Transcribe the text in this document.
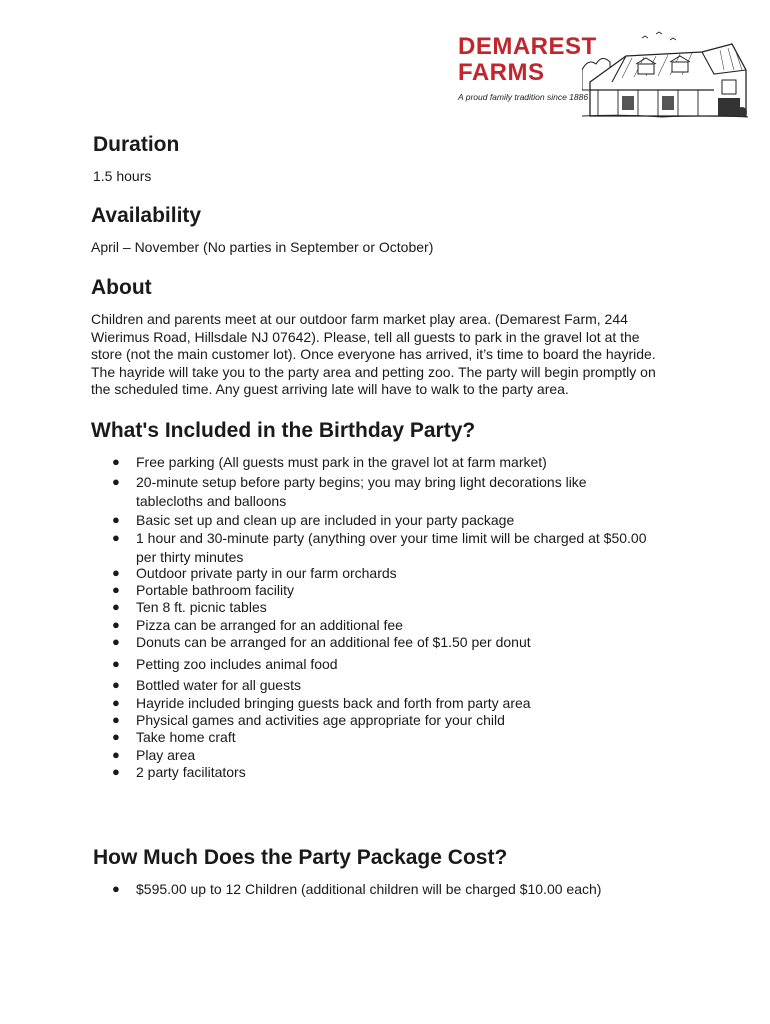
DEMAREST
FARMS
A proud family tradition since 1886
Duration

1.5 hours

Availability

April – November (No parties in September or October)

About

Children and parents meet at our outdoor farm market play area. (Demarest Farm, 244

Wierimus Road, Hillsdale NJ 07642). Please, tell all guests to park in the gravel lot at the

store (not the main customer lot). Once everyone has arrived, it’s time to board the hayride.

The hayride will take you to the party area and petting zoo. The party will begin promptly on

the scheduled time. Any guest arriving late will have to walk to the party area.

What's Included in the Birthday Party?
● Free parking (All guests must park in the gravel lot at farm market)
● 20-minute setup before party begins; you may bring light decorations like
tablecloths and balloons
● Basic set up and clean up are included in your party package
● 1 hour and 30-minute party (anything over your time limit will be charged at $50.00
per thirty minutes
● Outdoor private party in our farm orchards
● Portable bathroom facility
● Ten 8 ft. picnic tables
● Pizza can be arranged for an additional fee
● Donuts can be arranged for an additional fee of $1.50 per donut
● Petting zoo includes animal food
● Bottled water for all guests
● Hayride included bringing guests back and forth from party area
● Physical games and activities age appropriate for your child
● Take home craft
● Play area
● 2 party facilitators
How Much Does the Party Package Cost?
● $595.00 up to 12 Children (additional children will be charged $10.00 each)
